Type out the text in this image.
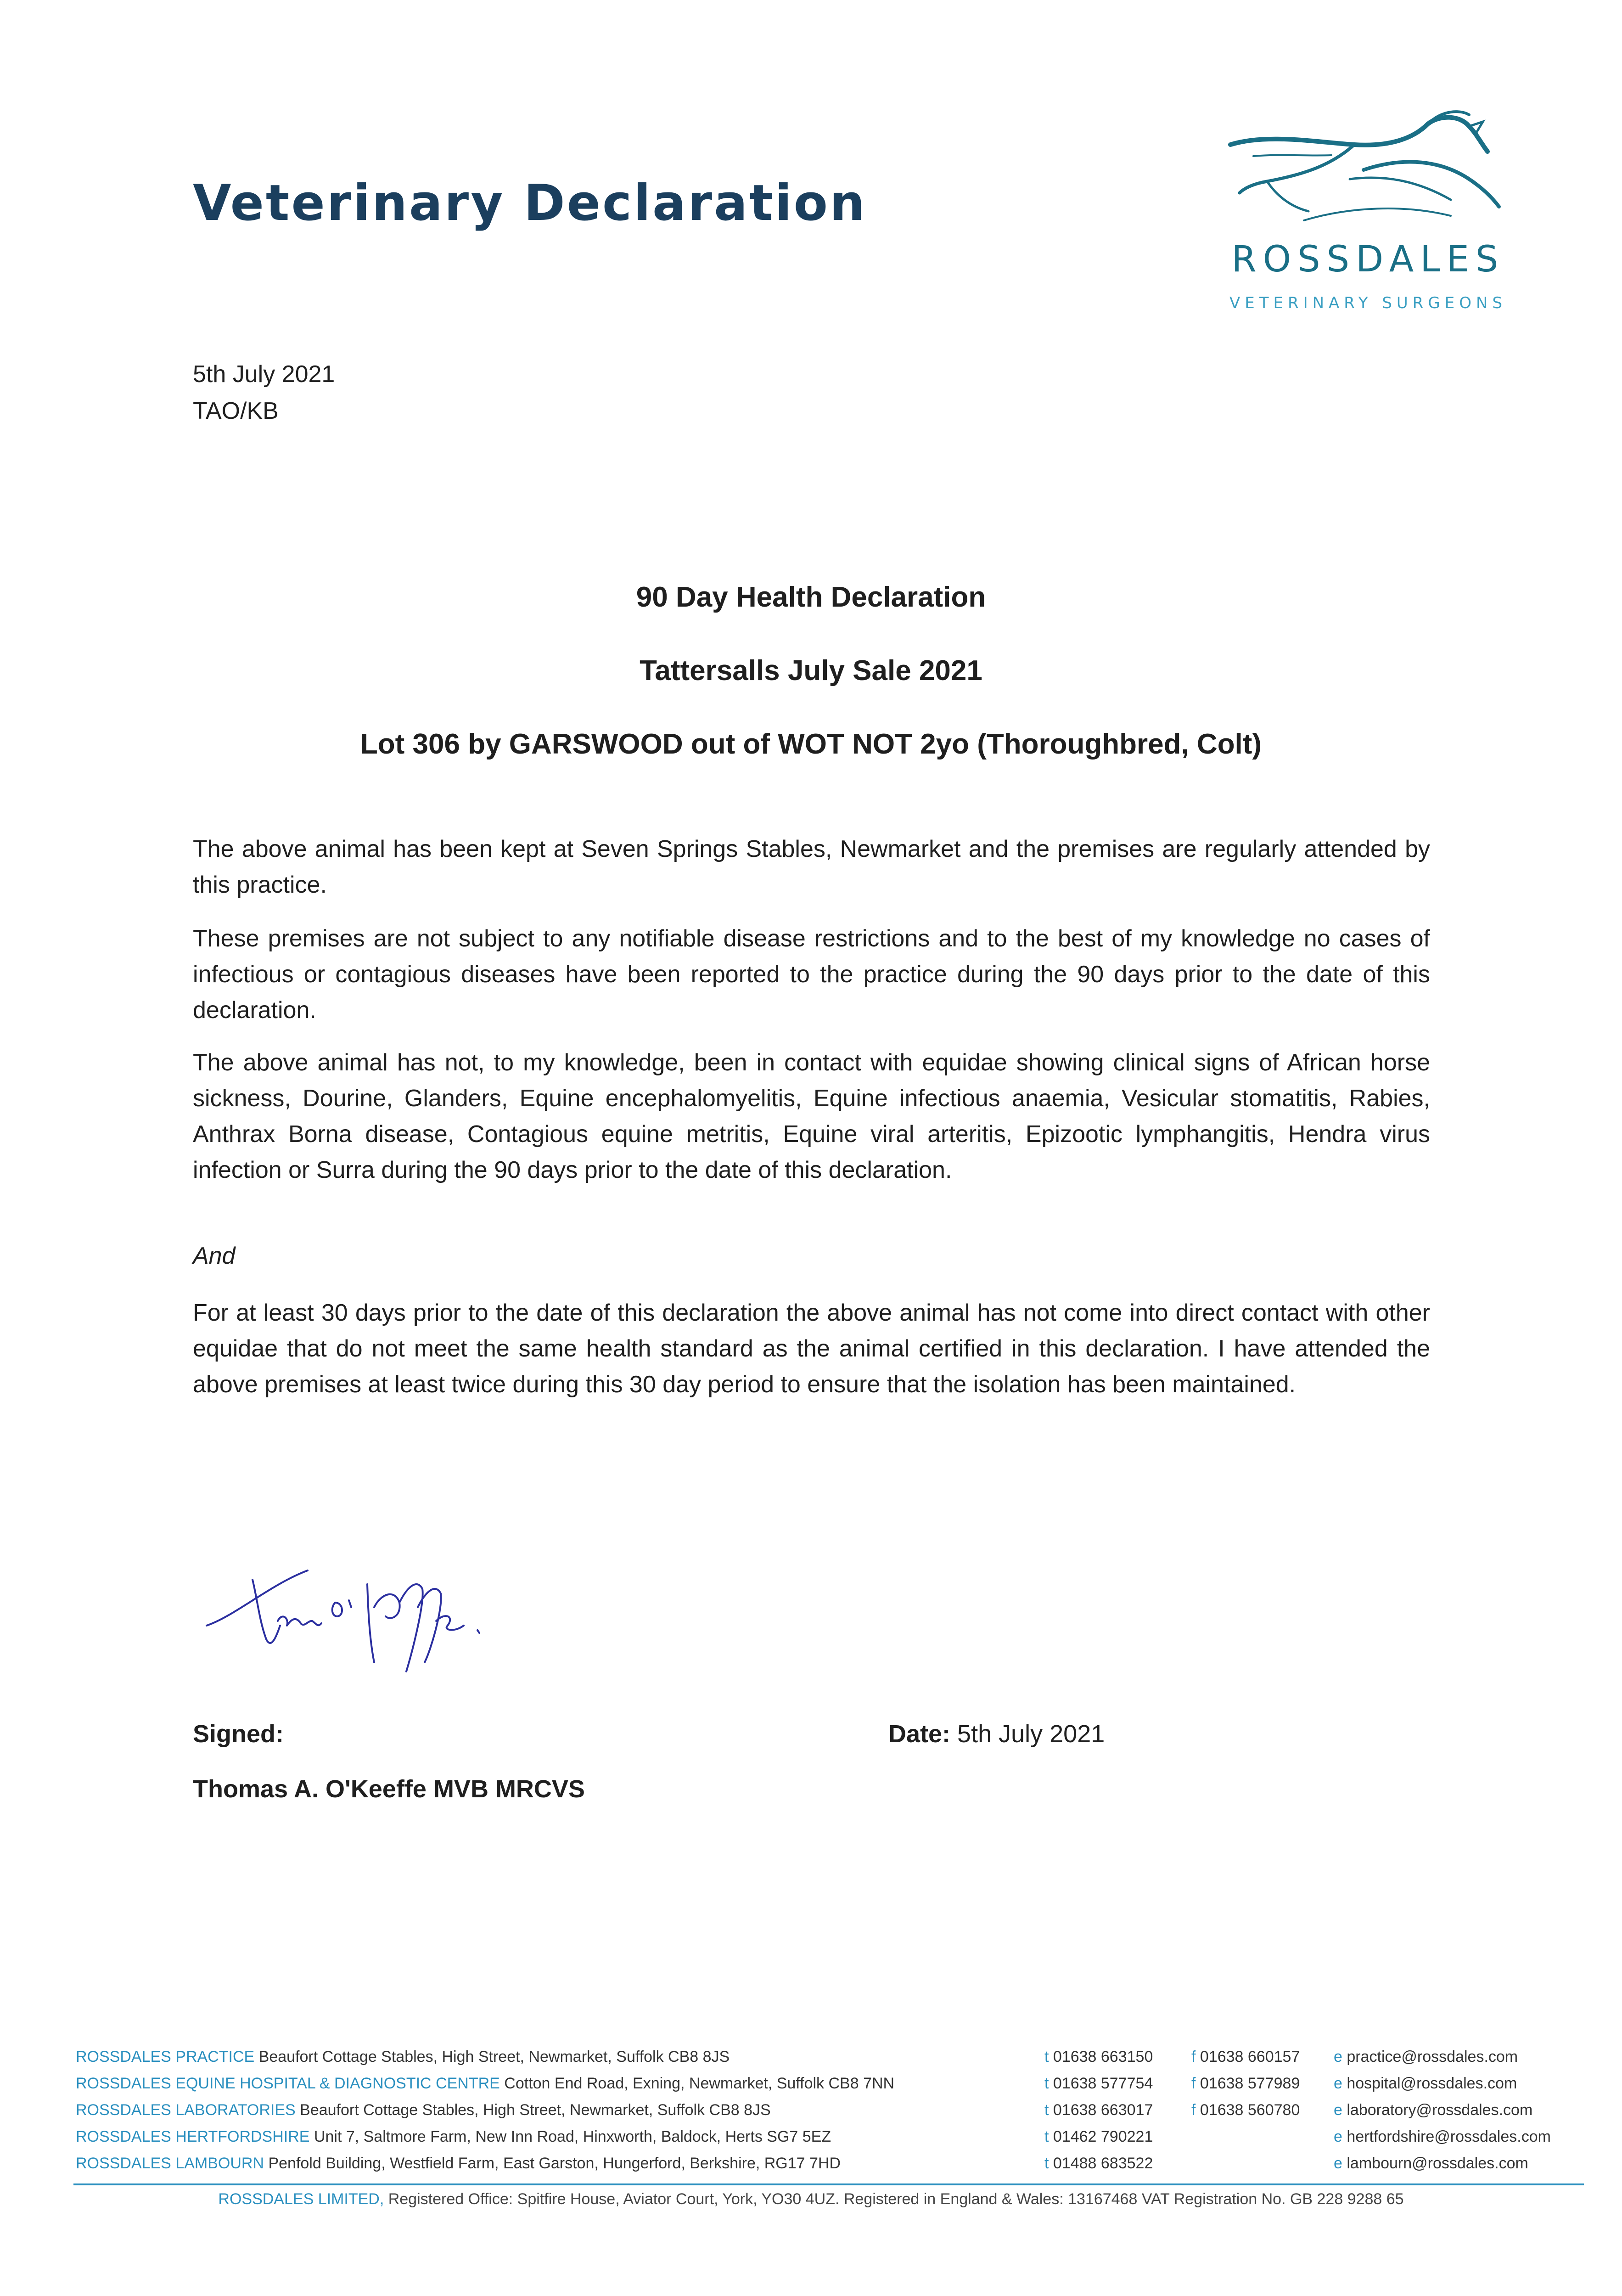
Veterinary Declaration
ROSSDALES
VETERINARY SURGEONS
5th July 2021
TAO/KB
90 Day Health Declaration
Tattersalls July Sale 2021
Lot 306 by GARSWOOD out of WOT NOT 2yo (Thoroughbred, Colt)
The above animal has been kept at Seven Springs Stables, Newmarket and the premises are regularly attended by this practice.
These premises are not subject to any notifiable disease restrictions and to the best of my knowledge no cases of infectious or contagious diseases have been reported to the practice during the 90 days prior to the date of this declaration.
The above animal has not, to my knowledge, been in contact with equidae showing clinical signs of African horse sickness, Dourine, Glanders, Equine encephalomyelitis, Equine infectious anaemia, Vesicular stomatitis, Rabies, Anthrax Borna disease, Contagious equine metritis, Equine viral arteritis, Epizootic lymphangitis, Hendra virus infection or Surra during the 90 days prior to the date of this declaration.
And
For at least 30 days prior to the date of this declaration the above animal has not come into direct contact with other equidae that do not meet the same health standard as the animal certified in this declaration. I have attended the above premises at least twice during this 30 day period to ensure that the isolation has been maintained.
Signed:	Date: 5th July 2021
Thomas A. O'Keeffe MVB MRCVS
ROSSDALES PRACTICE Beaufort Cottage Stables, High Street, Newmarket, Suffolk CB8 8JS	t 01638 663150 f 01638 660157 e practice@rossdales.com
ROSSDALES EQUINE HOSPITAL & DIAGNOSTIC CENTRE Cotton End Road, Exning, Newmarket, Suffolk CB8 7NN	t 01638 577754 f 01638 577989 e hospital@rossdales.com
ROSSDALES LABORATORIES Beaufort Cottage Stables, High Street, Newmarket, Suffolk CB8 8JS	t 01638 663017 f 01638 560780 e laboratory@rossdales.com
ROSSDALES HERTFORDSHIRE Unit 7, Saltmore Farm, New Inn Road, Hinxworth, Baldock, Herts SG7 5EZ	t 01462 790221	e hertfordshire@rossdales.com
ROSSDALES LAMBOURN Penfold Building, Westfield Farm, East Garston, Hungerford, Berkshire, RG17 7HD	t 01488 683522	e lambourn@rossdales.com
ROSSDALES LIMITED, Registered Office: Spitfire House, Aviator Court, York, YO30 4UZ. Registered in England & Wales: 13167468 VAT Registration No. GB 228 9288 65
